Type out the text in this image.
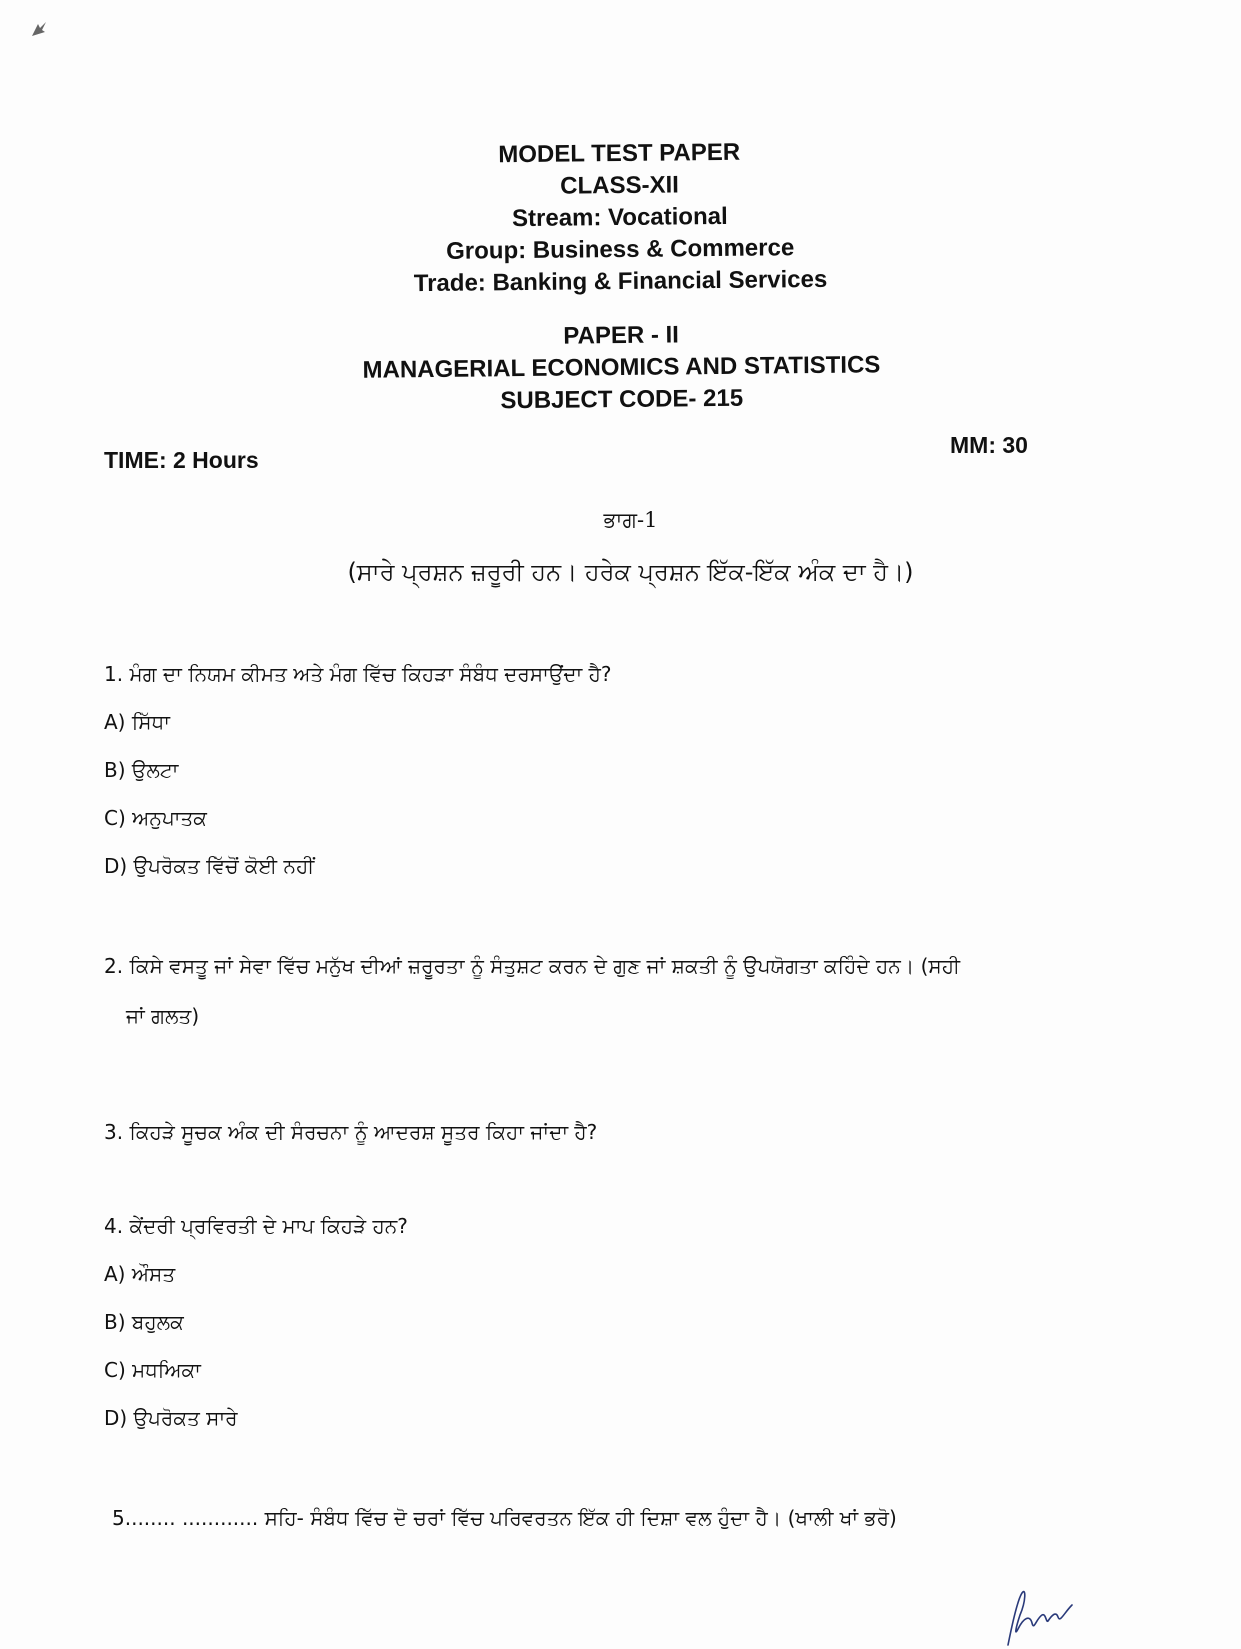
MODEL TEST PAPER
CLASS-XII
Stream: Vocational
Group: Business & Commerce
Trade: Banking & Financial Services
PAPER - II
MANAGERIAL ECONOMICS AND STATISTICS
SUBJECT CODE- 215
TIME: 2 Hours
MM: 30
ਭਾਗ-1
(ਸਾਰੇ ਪ੍ਰਸ਼ਨ ਜ਼ਰੂਰੀ ਹਨ। ਹਰੇਕ ਪ੍ਰਸ਼ਨ ਇੱਕ-ਇੱਕ ਅੰਕ ਦਾ ਹੈ।)
1. ਮੰਗ ਦਾ ਨਿਯਮ ਕੀਮਤ ਅਤੇ ਮੰਗ ਵਿੱਚ ਕਿਹੜਾ ਸੰਬੰਧ ਦਰਸਾਉਂਦਾ ਹੈ?
A) ਸਿੱਧਾ
B) ਉਲਟਾ
C) ਅਨੁਪਾਤਕ
D) ਉਪਰੋਕਤ ਵਿੱਚੋਂ ਕੋਈ ਨਹੀਂ
2. ਕਿਸੇ ਵਸਤੂ ਜਾਂ ਸੇਵਾ ਵਿੱਚ ਮਨੁੱਖ ਦੀਆਂ ਜ਼ਰੂਰਤਾ ਨੂੰ ਸੰਤੁਸ਼ਟ ਕਰਨ ਦੇ ਗੁਣ ਜਾਂ ਸ਼ਕਤੀ ਨੂੰ ਉਪਯੋਗਤਾ ਕਹਿੰਦੇ ਹਨ। (ਸਹੀ
ਜਾਂ ਗਲਤ)
3. ਕਿਹੜੇ ਸੂਚਕ ਅੰਕ ਦੀ ਸੰਰਚਨਾ ਨੂੰ ਆਦਰਸ਼ ਸੂਤਰ ਕਿਹਾ ਜਾਂਦਾ ਹੈ?
4. ਕੇਂਦਰੀ ਪ੍ਰਵਿਰਤੀ ਦੇ ਮਾਪ ਕਿਹੜੇ ਹਨ?
A) ਔਸਤ
B) ਬਹੁਲਕ
C) ਮਧਅਿਕਾ
D) ਉਪਰੋਕਤ ਸਾਰੇ
5........ ............ ਸਹਿ- ਸੰਬੰਧ ਵਿੱਚ ਦੋ ਚਰਾਂ ਵਿੱਚ ਪਰਿਵਰਤਨ ਇੱਕ ਹੀ ਦਿਸ਼ਾ ਵਲ ਹੁੰਦਾ ਹੈ। (ਖਾਲੀ ਖਾਂ ਭਰੋ)
